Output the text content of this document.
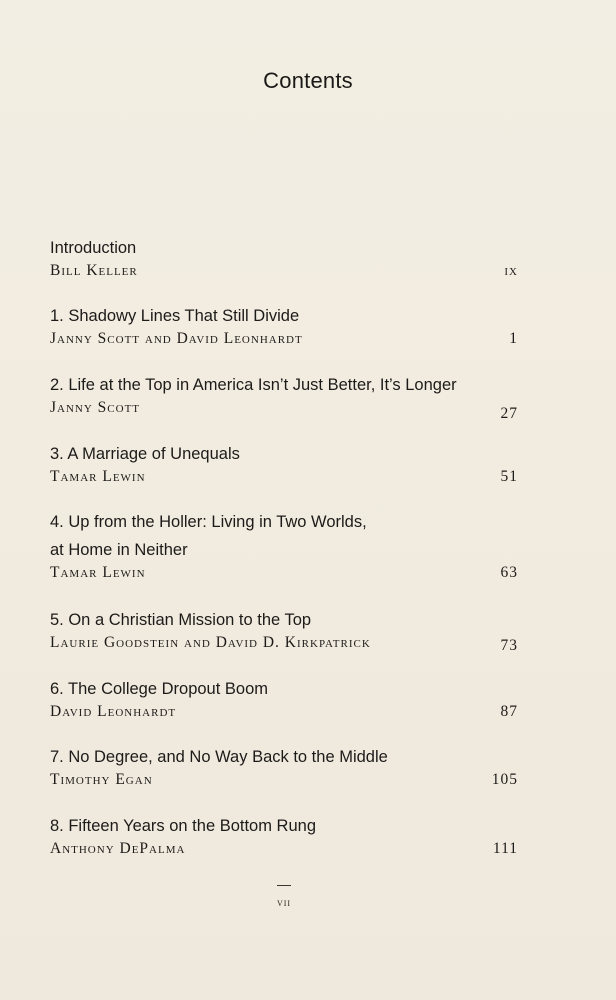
Contents
Introduction
Bill Keller	ix
1. Shadowy Lines That Still Divide
Janny Scott and David Leonhardt	1
2. Life at the Top in America Isn’t Just Better, It’s Longer
Janny Scott	27
3. A Marriage of Unequals
Tamar Lewin	51
4. Up from the Holler: Living in Two Worlds,
at Home in Neither
Tamar Lewin	63
5. On a Christian Mission to the Top
Laurie Goodstein and David D. Kirkpatrick	73
6. The College Dropout Boom
David Leonhardt	87
7. No Degree, and No Way Back to the Middle
Timothy Egan	105
8. Fifteen Years on the Bottom Rung
Anthony DePalma	111
vii
